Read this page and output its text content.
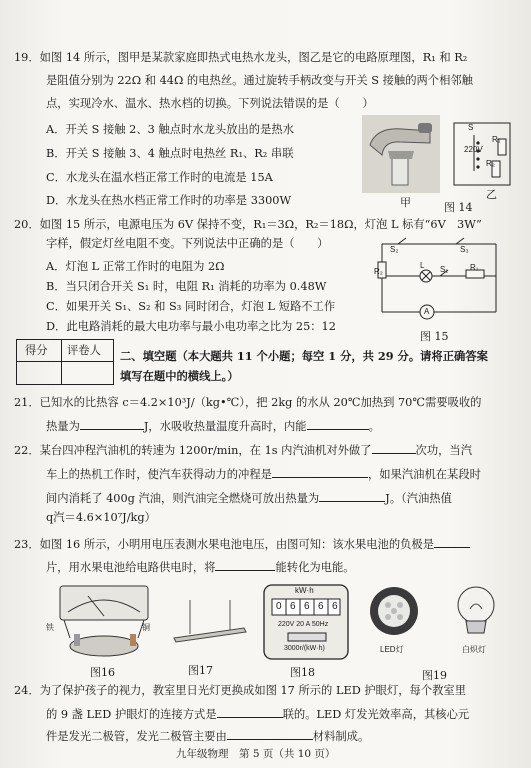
19．如图 14 所示，图甲是某款家庭即热式电热水龙头，图乙是它的电路原理图，R₁ 和 R₂
是阻值分别为 22Ω 和 44Ω 的电热丝。通过旋转手柄改变与开关 S 接触的两个相邻触
点，实现冷水、温水、热水档的切换。下列说法错误的是（　　）
A．开关 S 接触 2、3 触点时水龙头放出的是热水
B．开关 S 接触 3、4 触点时电热丝 R₁、R₂ 串联
C．水龙头在温水档正常工作时的电流是 15A
D．水龙头在热水档正常工作时的功率是 3300W
220V
R₁
R₂
S
甲	图 14
乙
20．如图 15 所示，电源电压为 6V 保持不变，R₁＝3Ω，R₂＝18Ω，灯泡 L 标有“6V　3W”
字样，假定灯丝电阻不变。下列说法中正确的是（　　）
A．灯泡 L 正常工作时的电阻为 2Ω
B．当只闭合开关 S₁ 时，电阻 R₁ 消耗的功率为 0.48W
C．如果开关 S₁、S₂ 和 S₃ 同时闭合，灯泡 L 短路不工作
D．此电路消耗的最大电功率与最小电功率之比为 25：12
S₂	S₃
R₂
L S₁	R₁
A
图 15
得分 评卷人 二、填空题（本大题共 11 个小题；每空 1 分，共 29 分。请将正确答案
填写在题中的横线上。）
21．已知水的比热容 c＝4.2×10³J/（kg•℃），把 2kg 的水从 20℃加热到 70℃需要吸收的
热量为	J，水吸收热量温度升高时，内能	。
22．某台四冲程汽油机的转速为 1200r/min，在 1s 内汽油机对外做了	次功，当汽
车上的热机工作时，使汽车获得动力的冲程是	，如果汽油机在某段时
间内消耗了 400g 汽油，则汽油完全燃烧可放出热量为	J。（汽油热值
q汽＝4.6×10⁷J/kg）
23．如图 16 所示，小明用电压表测水果电池电压，由图可知：该水果电池的负极是
片，用水果电池给电路供电时，将	能转化为电能。
铁	铜
图16	图17
kW·h
0 6 6 6 6
220V 20 A 50Hz
3000r/(kW·h)
图18
LED灯	白炽灯
图19
24．为了保护孩子的视力，教室里日光灯更换成如图 17 所示的 LED 护眼灯，每个教室里
的 9 盏 LED 护眼灯的连接方式是	联的。LED 灯发光效率高，其核心元
件是发光二极管，发光二极管主要由	材料制成。
九年级物理　第 5 页（共 10 页）
